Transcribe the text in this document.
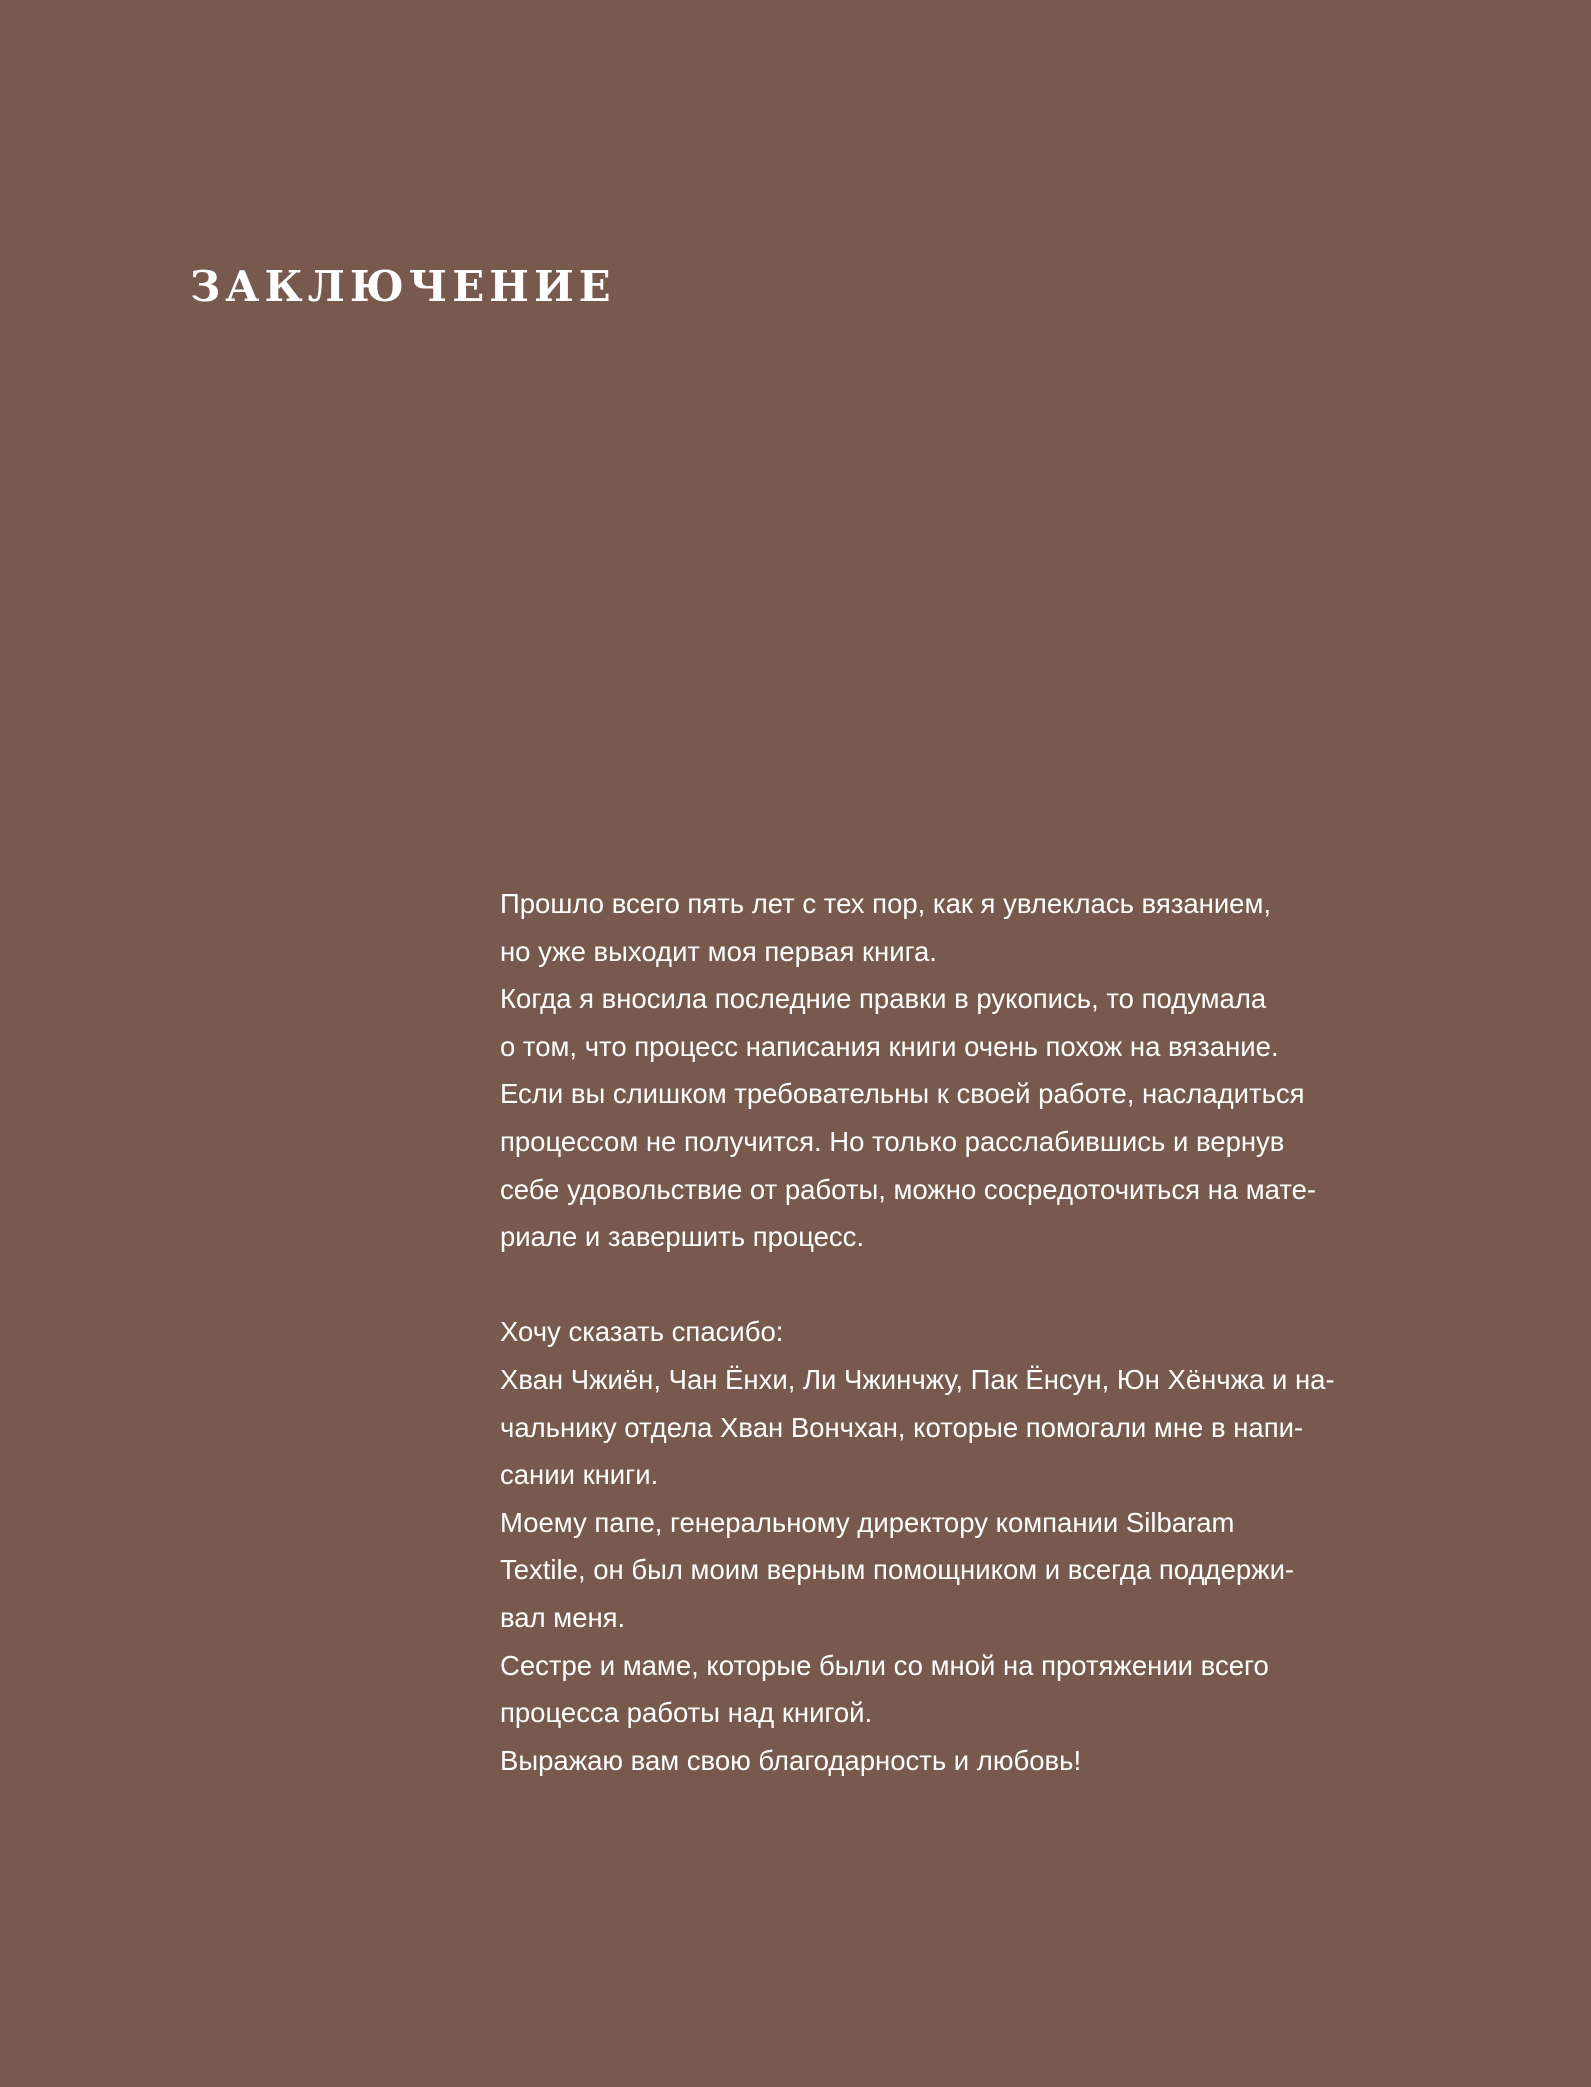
ЗАКЛЮЧЕНИЕ
Прошло всего пять лет с тех пор, как я увлеклась вязанием,
но уже выходит моя первая книга.
Когда я вносила последние правки в рукопись, то подумала
о том, что процесс написания книги очень похож на вязание.
Если вы слишком требовательны к своей работе, насладиться
процессом не получится. Но только расслабившись и вернув
себе удовольствие от работы, можно сосредоточиться на мате-
риале и завершить процесс.
Хочу сказать спасибо:
Хван Чжиён, Чан Ёнхи, Ли Чжинчжу, Пак Ёнсун, Юн Хёнчжа и на-
чальнику отдела Хван Вончхан, которые помогали мне в напи-
сании книги.
Моему папе, генеральному директору компании Silbaram
Textile, он был моим верным помощником и всегда поддержи-
вал меня.
Сестре и маме, которые были со мной на протяжении всего
процесса работы над книгой.
Выражаю вам свою благодарность и любовь!
